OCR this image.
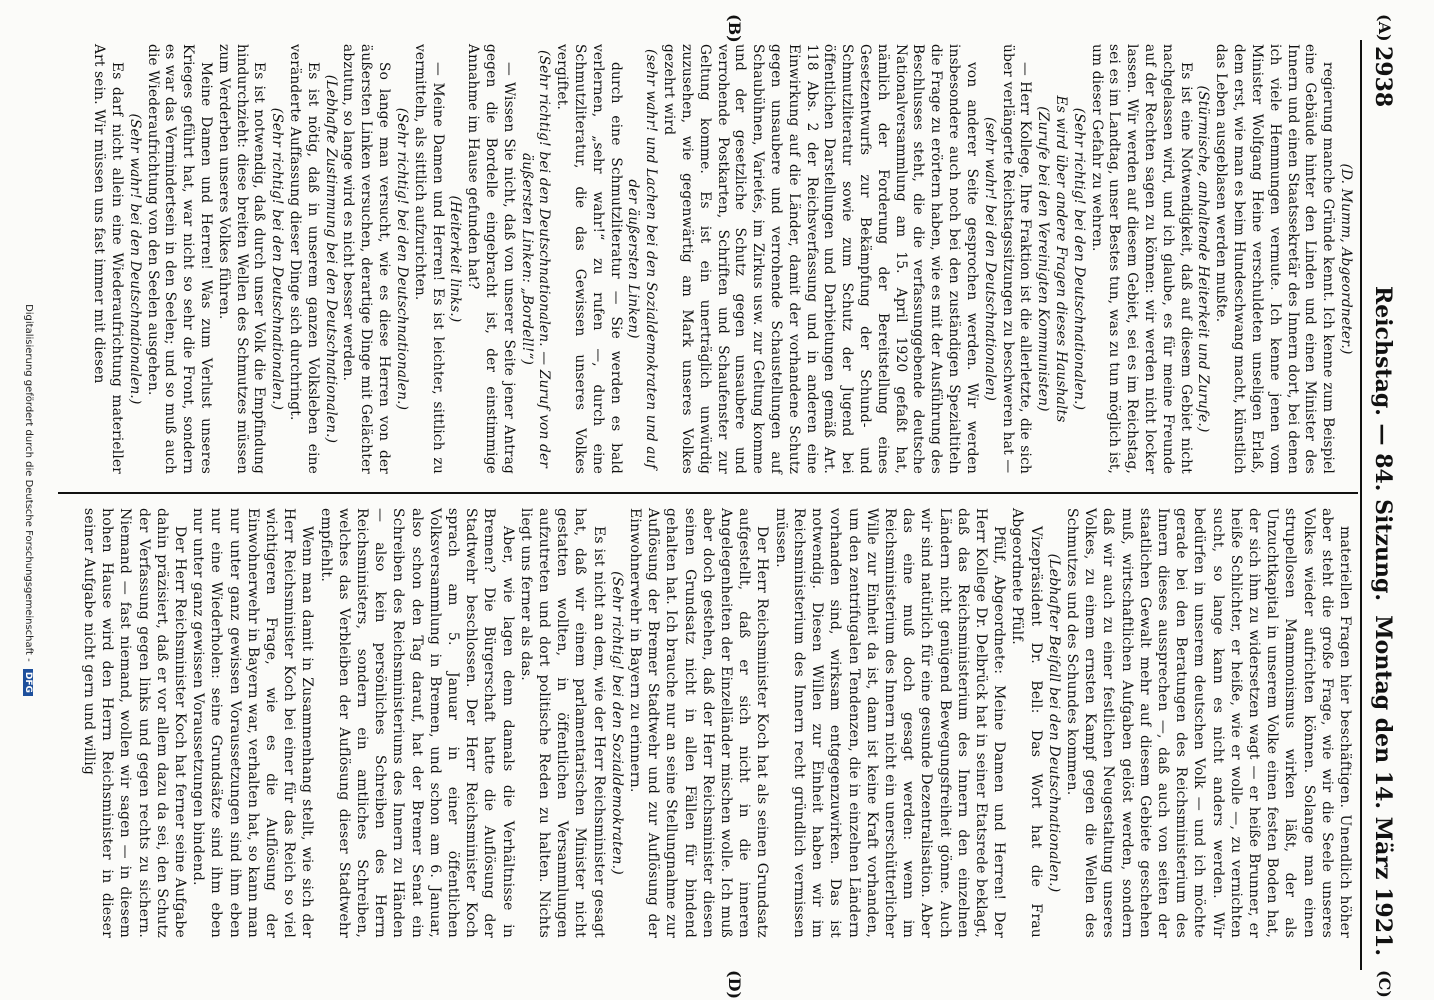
2938
Reichstag. — 84. Sitzung.
Montag den 14. März 1921.
(A)
(B)
(C)
(D)

(D. Mumm, Abgeordneter.)

regierung manche Gründe kennt. Ich kenne zum Beispiel eine Gebäude hinter den Linden und einen Minister des Innern und einen Staatssekretär des Innern dort, bei denen ich viele Hemmungen vermute. Ich kenne jenen vom Minister Wolfgang Heine verschuldeten unseligen Erlaß, dem erst, wie man es beim Hundeschwang macht, künstlich das Leben ausgeblasen werden mußte.

(Stürmische, anhaltende Heiterkeit und Zurufe.)

Es ist eine Notwendigkeit, daß auf diesem Gebiet nicht nachgelassen wird, und ich glaube, es für meine Freunde auf der Rechten sagen zu können: wir werden nicht locker lassen. Wir werden auf diesem Gebiet, sei es im Reichstag, sei es im Landtag, unser Bestes tun, was zu tun möglich ist, um dieser Gefahr zu wehren.

(Sehr richtig! bei den Deutschnationalen.)

Es wird über andere Fragen dieses Haushalts

(Zurufe bei den Vereinigten Kommunisten)

— Herr Kollege, Ihre Fraktion ist die allerletzte, die sich über verlängerte Reichstagssitzungen zu beschweren hat —

(sehr wahr! bei den Deutschnationalen)

von anderer Seite gesprochen werden. Wir werden insbesondere auch noch bei den zuständigen Spezialtiteln die Frage zu erörtern haben, wie es mit der Ausführung des Beschlusses steht, die die verfassunggebende deutsche Nationalversammlung am 15. April 1920 gefaßt hat, nämlich der Forderung der Bereitstellung eines Gesetzentwurfs zur Bekämpfung der Schund- und Schmutzliteratur sowie zum Schutz der Jugend bei öffentlichen Darstellungen und Darbietungen gemäß Art. 118 Abs. 2 der Reichsverfassung und in anderen eine Einwirkung auf die Länder, damit der vorhandene Schutz gegen unsaubere und verrohende Schaustellungen auf Schaubühnen, Varietés, im Zirkus usw. zur Geltung komme und der gesetzliche Schutz gegen unsaubere und verrohende Postkarten, Schriften und Schaufenster zur Geltung komme. Es ist ein unerträglich unwürdig zuzusehen, wie gegenwärtig am Mark unseres Volkes gezehrt wird

(sehr wahr! und Lachen bei den Sozialdemokraten und auf der äußersten Linken)

durch eine Schmutzliteratur — Sie werden es bald verlernen, „sehr wahr!“ zu rufen —, durch eine Schmutzliteratur, die das Gewissen unseres Volkes vergiftet.

(Sehr richtig! bei den Deutschnationalen. — Zuruf von der äußersten Linken: „Bordell!“)

— Wissen Sie nicht, daß von unserer Seite jener Antrag gegen die Bordelle eingebracht ist, der einstimmige Annahme im Hause gefunden hat?

(Heiterkeit links.)

— Meine Damen und Herren! Es ist leichter, sittlich zu vermitteln, als sittlich aufzurichten.

(Sehr richtig! bei den Deutschnationalen.)

So lange man versucht, wie es diese Herren von der äußersten Linken versuchen, derartige Dinge mit Gelächter abzutun, so lange wird es nicht besser werden.

(Lebhafte Zustimmung bei den Deutschnationalen.)

Es ist nötig, daß in unserem ganzen Volksleben eine veränderte Auffassung dieser Dinge sich durchringt.

(Sehr richtig! bei den Deutschnationalen.)

Es ist notwendig, daß durch unser Volk die Empfindung hindurchzieht: diese breiten Wellen des Schmutzes müssen zum Verderben unseres Volkes führen.

Meine Damen und Herren! Was zum Verlust unseres Krieges geführt hat, war nicht so sehr die Front, sondern es war das Vermindertsein in den Seelen; und so muß auch die Wiederaufrichtung von den Seelen ausgehen.

(Sehr wahr! bei den Deutschnationalen.)

Es darf nicht allein eine Wiederaufrichtung materieller Art sein. Wir müssen uns fast immer mit diesen

materiellen Fragen hier beschäftigen. Unendlich höher aber steht die große Frage, wie wir die Seele unseres Volkes wieder aufrichten können. Solange man einen strupellosen Mammonismus wirken läßt, der als Unzuchtkapital in unserem Volke einen festen Boden hat, der sich ihm zu widersetzen wagt — er heiße Brunner, er heiße Schlichter, er heiße, wie er wolle —, zu vernichten sucht, so lange kann es nicht anders werden. Wir bedürfen in unserem deutschen Volk — und ich möchte gerade bei den Beratungen des Reichsministerium des Innern dieses aussprechen —, daß auch von seiten der staatlichen Gewalt mehr auf diesem Gebiete geschehen muß, wirtschaftlichen Aufgaben gelöst werden, sondern daß wir auch zu einer festlichen Neugestaltung unseres Volkes, zu einem ernsten Kampf gegen die Wellen des Schmutzes und des Schundes kommen.

(Lebhafter Beifall bei den Deutschnationalen.)

Vizepräsident Dr. Bell: Das Wort hat die Frau Abgeordnete Pfülf.

Pfülf, Abgeordnete: Meine Damen und Herren! Der Herr Kollege Dr. Delbrück hat in seiner Etatsrede beklagt, daß das Reichsministerium des Innern den einzelnen Ländern nicht genügend Bewegungsfreiheit gönne. Auch wir sind natürlich für eine gesunde Dezentralisation. Aber das eine muß doch gesagt werden: wenn im Reichsministerium des Innern nicht ein unerschütterlicher Wille zur Einheit da ist, dann ist keine Kraft vorhanden, um den zentrifugalen Tendenzen, die in einzelnen Ländern vorhanden sind, wirksam entgegenzuwirken. Das ist notwendig. Diesen Willen zur Einheit haben wir im Reichsministerium des Innern recht gründlich vermissen müssen.

Der Herr Reichsminister Koch hat als seinen Grundsatz aufgestellt, daß er sich nicht in die inneren Angelegenheiten der Einzelländer mischen wolle. Ich muß aber doch gestehen, daß der Herr Reichsminister diesen seinen Grundsatz nicht in allen Fällen für bindend gehalten hat. Ich brauche nur an seine Stellungnahme zur Auflösung der Bremer Stadtwehr und zur Auflösung der Einwohnerwehr in Bayern zu erinnern.

(Sehr richtig! bei den Sozialdemokraten.)

Es ist nicht an dem, wie der Herr Reichsminister gesagt hat, daß wir einem parlamentarischen Minister nicht gestatten wollten, in öffentlichen Versammlungen aufzutreten und dort politische Reden zu halten. Nichts liegt uns ferner als das.

Aber, wie lagen denn damals die Verhältnisse in Bremen? Die Bürgerschaft hatte die Auflösung der Stadtwehr beschlossen. Der Herr Reichsminister Koch sprach am 5. Januar in einer öffentlichen Volksversammlung in Bremen, und schon am 6. Januar, also schon den Tag darauf, hat der Bremer Senat ein Schreiben des Reichsministeriums des Innern zu Händen — also kein persönliches Schreiben des Herrn Reichsministers, sondern ein amtliches Schreiben, welches das Verbleiben der Auflösung dieser Stadtwehr empfiehlt.

Wenn man damit in Zusammenhang stellt, wie sich der Herr Reichsminister Koch bei einer für das Reich so viel wichtigeren Frage, wie es die Auflösung der Einwohnerwehr in Bayern war, verhalten hat, so kann man nur unter ganz gewissen Voraussetzungen sind ihm eben nur eine Wiederholen: seine Grundsätze sind ihm eben nur unter ganz gewissen Voraussetzungen bindend.

Der Herr Reichsminister Koch hat ferner seine Aufgabe dahin präzisiert, daß er vor allem dazu da sei, den Schutz der Verfassung gegen links und gegen rechts zu sichern. Niemand — fast niemand, wollen wir sagen — in diesem hohen Hause wird den Herrn Reichsminister in dieser seiner Aufgabe nicht gern und willig

Digitalisierung gefördert durch die Deutsche Forschungsgemeinschaft - DFG
